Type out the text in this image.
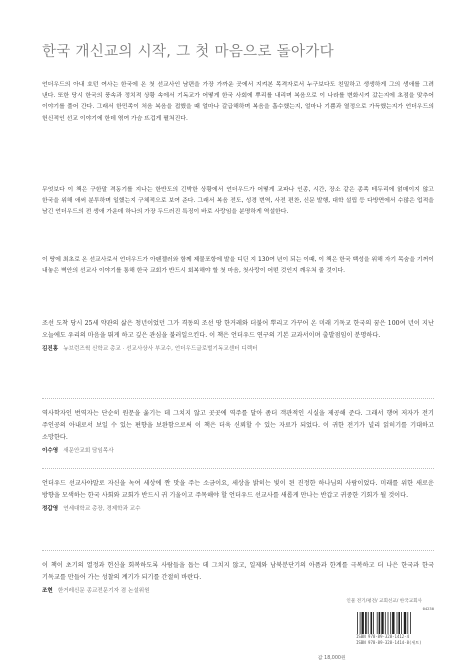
한국 개신교의 시작, 그 첫 마음으로 돌아가다

언더우드의 아내 호턴 여사는 한국에 온 첫 선교사인 남편을 가장 가까운 곳에서 지켜본 목격자로서 누구보다도 친밀하고 생생하게 그의 생애를 그려 낸다. 또한 당시 한국의 풍속과 정치적 상황 속에서 기독교가 어떻게 한국 사회에 뿌리를 내리며 복음으로 이 나라를 변화시켜 갔는지에 초점을 맞추어 이야기를 풀어 간다. 그래서 한민족이 처음 복음을 접했을 때 얼마나 갈급해하며 복음을 흡수했는지, 얼마나 기쁨과 열정으로 가득했는지가 언더우드의 헌신적인 선교 이야기에 한데 엮여 가슴 뜨겁게 펼쳐진다.

무엇보다 이 책은 구한말 격동기를 지나는 한반도의 긴박한 상황에서 언더우드가 어떻게 교파나 인종, 시간, 장소 같은 종족 테두리에 얽매이지 않고 한국을 위해 애써 분투하며 일했는지 구체적으로 보여 준다. 그래서 복음 전도, 성경 번역, 사전 편찬, 신문 발행, 대학 설립 등 다방면에서 수많은 업적을 남긴 언더우드의 전 생애 가운데 하나의 가장 두드러진 특징이 바로 사랑임을 분명하게 역설한다.

이 땅에 최초로 온 선교사로서 언더우드가 아펜젤러와 함께 제물포항에 발을 디딘 지 130여 년이 되는 이때, 이 책은 한국 백성을 위해 자기 목숨을 기꺼이 내놓은 벽안의 선교사 이야기를 통해 한국 교회가 반드시 회복해야 할 첫 마음, 첫사랑이 어떤 것인지 깨우쳐 줄 것이다.

조선 도착 당시 25세 약관의 삶은 청년이었던 그가 격동의 조선 땅 한거레와 더불어 뿌리고 가꾸어 온 미래 기독교 한국의 꿈은 100여 년이 지난 오늘에도 우리의 마음을 뛰게 하고 깊은 관심을 불러일으킨다. 이 책은 언더우드 연구의 기본 교과서이며 출발점임이 분명하다.

김진홍 뉴브런즈윅 신학교 총교 · 선교사상사 부교수, 언더우드글로벌기독교센터 디렉터

역사학자인 번역자는 단순히 원문을 옮기는 데 그치지 않고 곳곳에 역주를 달아 좀더 객관적인 시실을 제공해 준다. 그래서 행여 저자가 전기 주인공의 아내로서 보일 수 있는 편향을 보완함으로써 이 책은 더욱 신뢰할 수 있는 자료가 되었다. 이 귀한 전기가 널리 읽히기를 기대하고 소망한다.

이수영 새문안교회 담임목사

언더우드 선교사야말로 자신을 녹여 세상에 짠 맛을 주는 소금이요, 세상을 밝히는 빛이 된 진정한 하나님의 사람이었다. 미래를 위한 새로운 방향을 모색하는 한국 사회와 교회가 반드시 귀 기울이고 주목해야 할 언더우드 선교사를 새롭게 만나는 반갑고 귀중한 기회가 될 것이다.

정갑영 연세대학교 총장, 경제학과 교수

이 책이 초기의 열정과 헌신을 회복하도록 사람들을 돕는 데 그치지 않고, 일제와 남북분단기의 아픔과 한계를 극복하고 더 나은 한국과 한국 기독교를 만들어 가는 성찰의 계기가 되기를 간절히 바란다.

조현 한거레신문 종교전문기자 겸 논설위원
인물 전기/평전/ 교회선교/ 한국교회사
04230
ISBN 978-89-328-1412-4
ISBN 978-89-328-1414-8(세트)
값 18,000원
